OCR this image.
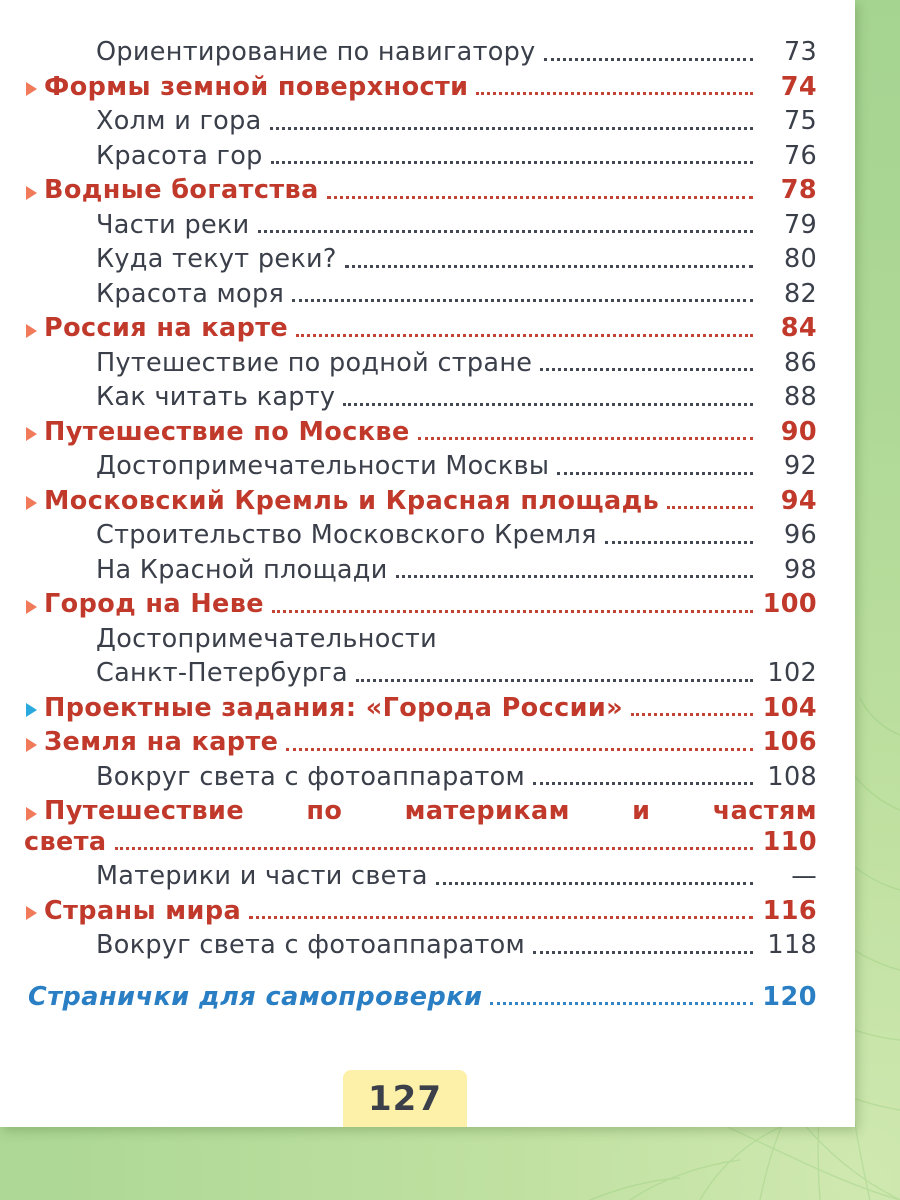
Ориентирование по навигатору	73
Формы земной поверхности	74
Холм и гора	75
Красота гор	76
Водные богатства	78
Части реки	79
Куда текут реки?	80
Красота моря	82
Россия на карте	84
Путешествие по родной стране	86
Как читать карту	88
Путешествие по Москве	90
Достопримечательности Москвы	92
Московский Кремль и Красная площадь	94
Строительство Московского Кремля	96
На Красной площади	98
Город на Неве	100
Достопримечательности
Санкт-Петербурга	102
Проектные задания: «Города России»	104
Земля на карте	106
Вокруг света с фотоаппаратом	108
Путешествие по материкам и частям
света	110
Материки и части света	—
Страны мира	116
Вокруг света с фотоаппаратом	118
Странички для самопроверки	120
127
